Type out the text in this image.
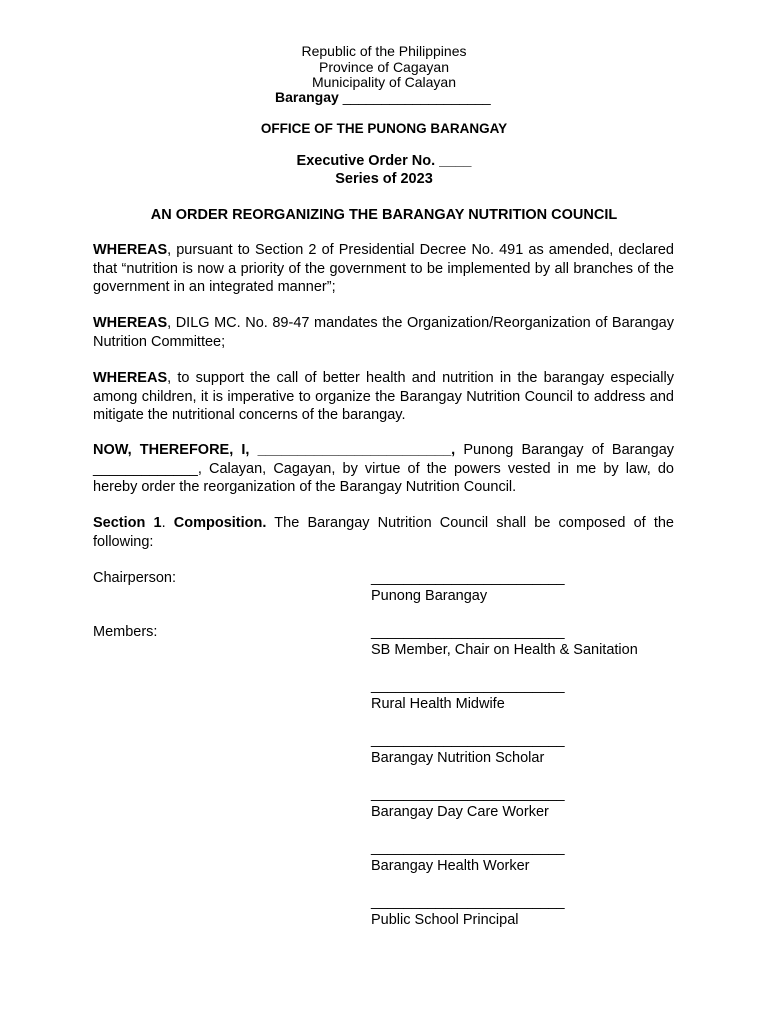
Republic of the Philippines
Province of Cagayan
Municipality of Calayan
Barangay ___________________
OFFICE OF THE PUNONG BARANGAY
Executive Order No. ____
Series of 2023
AN ORDER REORGANIZING THE BARANGAY NUTRITION COUNCIL

WHEREAS, pursuant to Section 2 of Presidential Decree No. 491 as amended, declared that “nutrition is now a priority of the government to be implemented by all branches of the government in an integrated manner”;

WHEREAS, DILG MC. No. 89-47 mandates the Organization/Reorganization of Barangay Nutrition Committee;

WHEREAS, to support the call of better health and nutrition in the barangay especially among children, it is imperative to organize the Barangay Nutrition Council to address and mitigate the nutritional concerns of the barangay.

NOW, THEREFORE, I, ________________________, Punong Barangay of Barangay _____________, Calayan, Cagayan, by virtue of the powers vested in me by law, do hereby order the reorganization of the Barangay Nutrition Council.

Section 1. Composition. The Barangay Nutrition Council shall be composed of the following:

Chairperson:	________________________
Punong Barangay
Members:	________________________
SB Member, Chair on Health & Sanitation
________________________
Rural Health Midwife
________________________
Barangay Nutrition Scholar
________________________
Barangay Day Care Worker
________________________
Barangay Health Worker
________________________
Public School Principal
